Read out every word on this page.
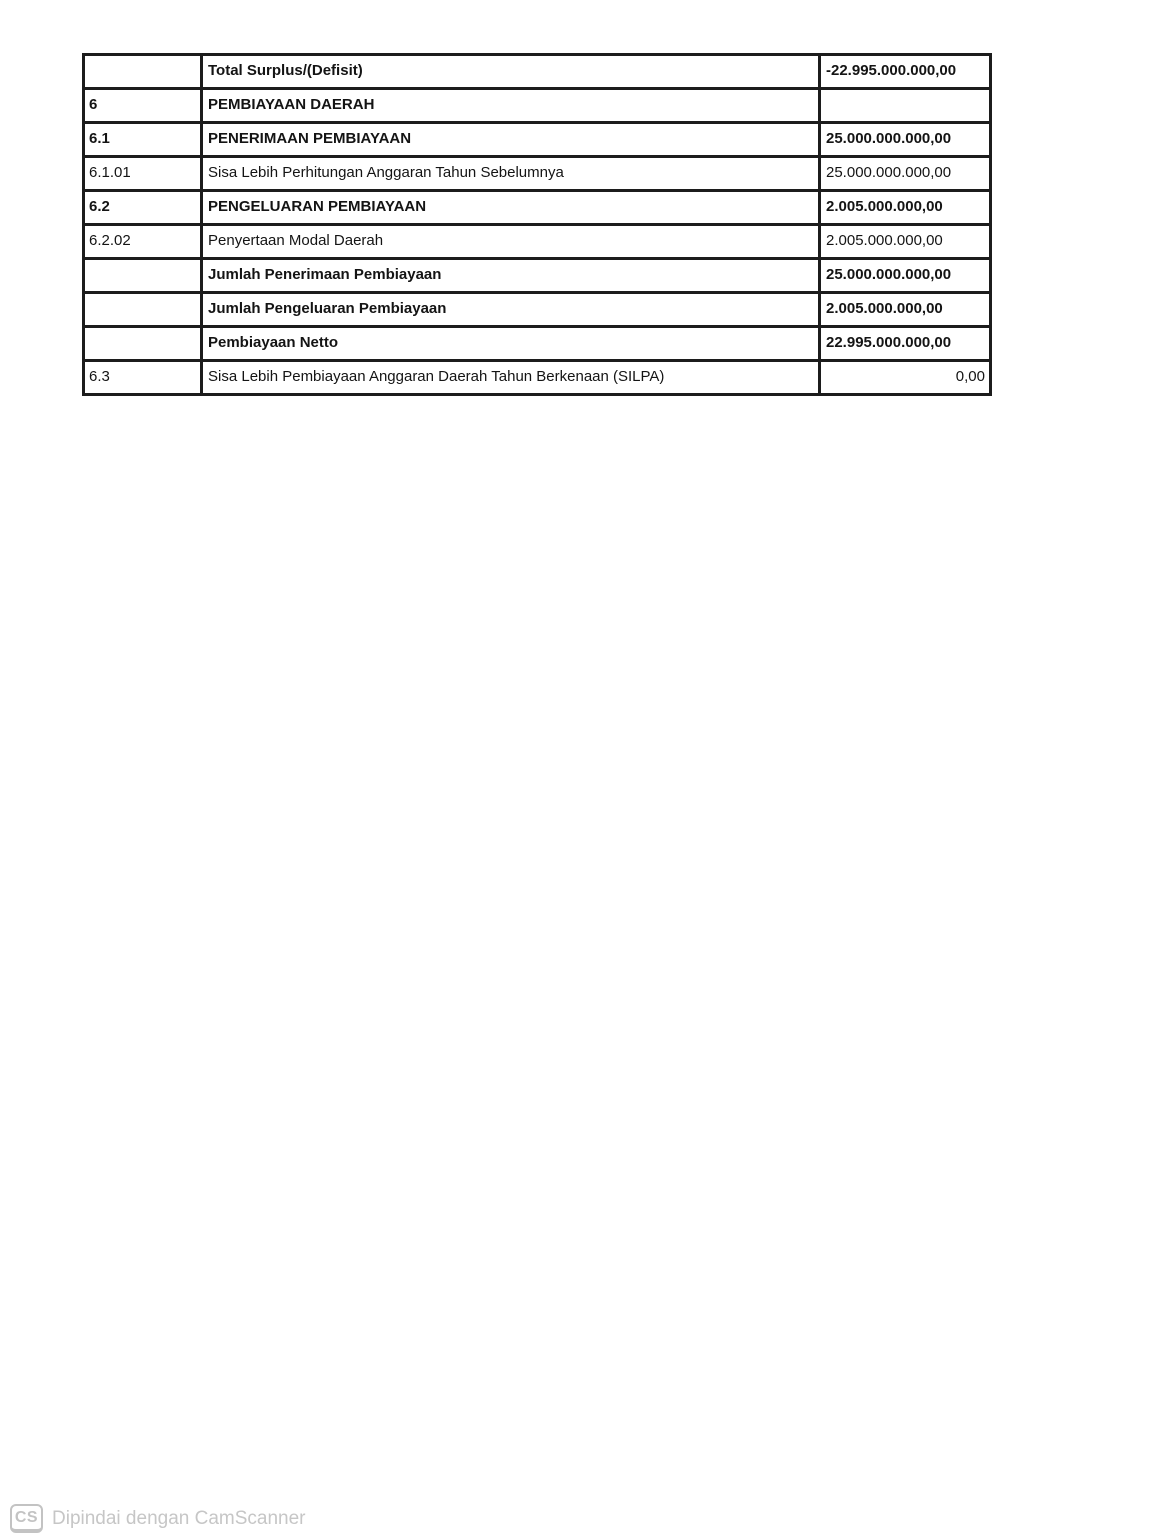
	Total Surplus/(Defisit)	-22.995.000.000,00
6	PEMBIAYAAN DAERAH	
6.1	PENERIMAAN PEMBIAYAAN	25.000.000.000,00
6.1.01	Sisa Lebih Perhitungan Anggaran Tahun Sebelumnya	25.000.000.000,00
6.2	PENGELUARAN PEMBIAYAAN	2.005.000.000,00
6.2.02	Penyertaan Modal Daerah	2.005.000.000,00
	Jumlah Penerimaan Pembiayaan	25.000.000.000,00
	Jumlah Pengeluaran Pembiayaan	2.005.000.000,00
	Pembiayaan Netto	22.995.000.000,00
6.3	Sisa Lebih Pembiayaan Anggaran Daerah Tahun Berkenaan (SILPA)	0,00
CS Dipindai dengan CamScanner
